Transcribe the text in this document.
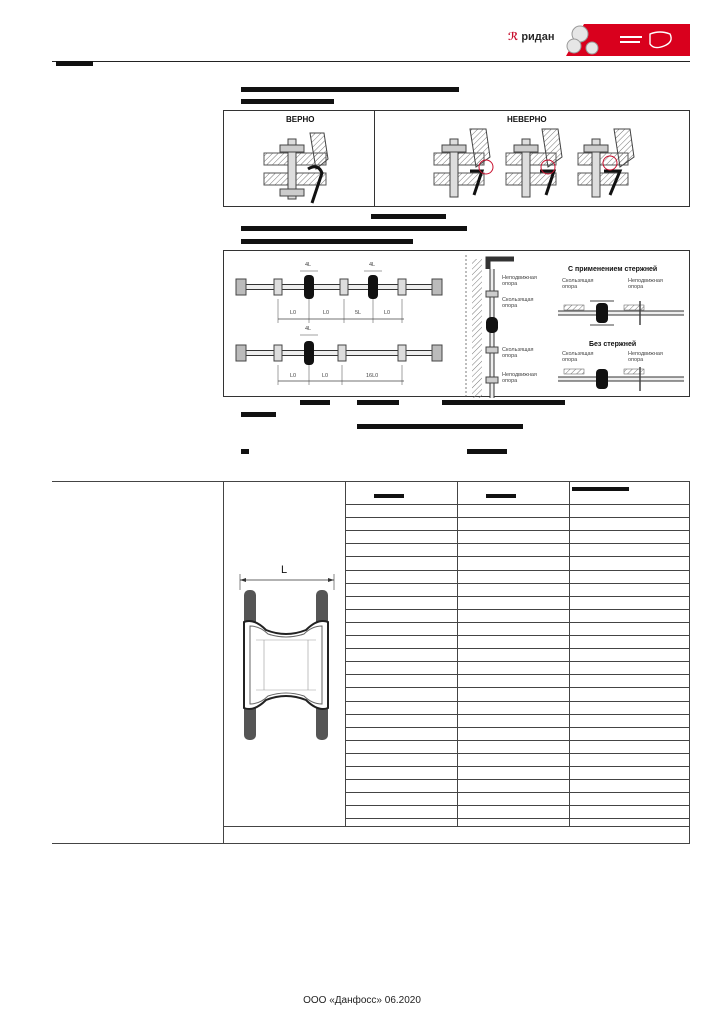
ℛ ридан
ВЕРНО	НЕВЕРНО
4L	4L
L0	L0	5L	L0
4L
L0	L0	16L0
Неподвижная опора
Скользящая опора
Скользящая опора
Неподвижная опора
С применением стержней
Скользящая опора
Неподвижная опора
Без стержней
Скользящая опора
Неподвижная опора
L
ООО «Данфосс» 06.2020
